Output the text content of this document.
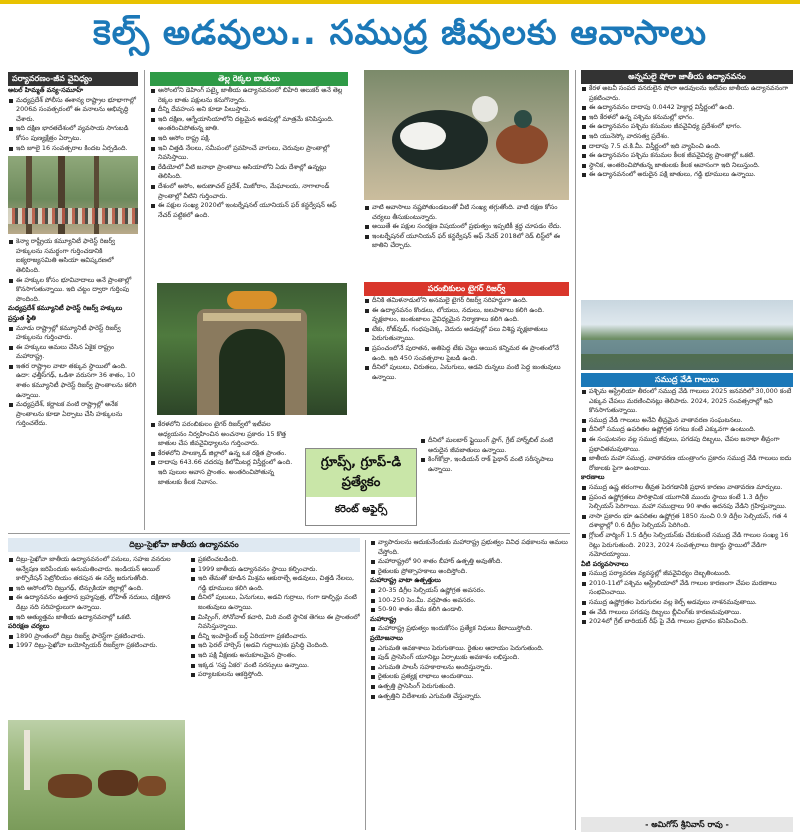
కెల్స్ అడవులు.. సముద్ర జీవులకు ఆవాసాలు
పర్యావరణం-జీవ వైవిధ్యం
అటల్ హిమ్మత్ వన్య-సమూహ్
మధ్యప్రదేశ్ పోలీసు ఈశాన్య రాష్ట్రాల భూభాగాల్లో 2006వ సంవత్సరంలో ఈ వనాలను అభివృద్ధి చేశారు.
ఇది దక్షిణ భారతదేశంలో వ్యవసాయ సాగుబడి కోసం పుణ్యక్షేత్రం ఏర్పాటు.
ఇది జూలై 16 సంవత్సరాల కిందట ఏర్పడింది.
కెన్యా రాష్ట్రీయ కమ్యూనిటీ ఫారెస్ట్ రిజర్వ్ హక్కులను సమర్థంగా గుర్తించడానికి ఐక్యరాజ్యసమితి ఆసియా ఆవిష్కరణలో తెలిపింది.
ఈ హక్కుల కోసం భూవివాదాలు అనే ప్రాంతాల్లో కొనసాగుతున్నాయి. ఇది చట్టం ద్వారా గుర్తింపు పొందింది.
మధ్యప్రదేశ్ కమ్యూనిటీ ఫారెస్ట్ రిజర్వ్ హక్కులు
ప్రస్తుత స్థితి
మూడు రాష్ట్రాల్లో కమ్యూనిటీ ఫారెస్ట్ రిజర్వ్ హక్కులను గుర్తించారు.
ఈ హక్కులు అమలు చేసిన ఏకైక రాష్ట్రం మహారాష్ట్ర.
ఇతర రాష్ట్రాల వాటా తక్కువ స్థాయిలో ఉంది. ఉదా: ఛత్తీస్‌గఢ్, ఒడిశా వరుసగా 36 శాతం, 10 శాతం కమ్యూనిటీ ఫారెస్ట్ రిజర్వ్ ప్రాంతాలను కలిగి ఉన్నాయి.
మధ్యప్రదేశ్, కర్ణాటక వంటి రాష్ట్రాల్లో అనేక ప్రాంతాలను కూడా ఏర్పాటు చేసి హక్కులను గుర్తించలేదు.
తెల్ల రెక్కల బాతులు
అసోంలోని డెహింగ్ పట్కై జాతీయ ఉద్యానవనంలో బిహేరి అలుకర్ అనే తెల్ల రెక్కల బాతు పక్షులను కనుగొన్నారు.
దీన్ని దేవహంస అని కూడా పిలుస్తారు.
ఇది దక్షిణ, ఆగ్నేయాసియాలోని దట్టమైన అడవుల్లో మాత్రమే కనిపిస్తుంది. అంతరించిపోతున్న జాతి.
ఇది అసోం రాష్ట్ర పక్షి.
ఇవి చిత్తడి నేలలు, సమీపంలో ప్రవహించే వాగులు, చెరువుల ప్రాంతాల్లో నివసిస్తాయి.
రేడియోలో వీటి జనాభా ప్రాంతాలు ఆసియాలోని ఏడు దేశాల్లో ఉన్నట్లు తెలిసింది.
దేశంలో అసోం, అరుణాచల్ ప్రదేశ్, మిజోరాం, మేఘాలయ, నాగాలాండ్ ప్రాంతాల్లో వీటిని గుర్తించారు.
ఈ పక్షుల సంఖ్య 2020లో ఇంటర్నేషనల్ యూనియన్ ఫర్ కన్జర్వేషన్ ఆఫ్ నేచర్ పట్టికలో ఉంది.
కేరళలోని పరంబికులం టైగర్ రిజర్వ్‌లో ఇటీవల అధ్యయనం నిర్వహించిన అంచనాల ప్రకారం 15 కొత్త జాతుల చేప జీవవైవిధ్యాలను గుర్తించారు.
కేరళలోని పాలక్కాడ్ జిల్లాలో ఉన్న ఒక రక్షిత ప్రాంతం.
దాదాపు 643.66 చదరపు కిలోమీటర్ల విస్తీర్ణంలో ఉంది. ఇది పులుల ఆవాస ప్రాంతం. అంతరించిపోతున్న జాతులకు కీలక నివాసం.
వాటి ఆవాసాలు నష్టపోతుండటంతో వీటి సంఖ్య తగ్గుతోంది. వాటి రక్షణ కోసం చర్యలు తీసుకుంటున్నారు.
అయితే ఈ పక్షుల సంరక్షణ విషయంలో ప్రభుత్వం ఇప్పటికీ శ్రద్ధ చూపడం లేదు.
ఇంటర్నేషనల్ యూనియన్ ఫర్ కన్జర్వేషన్ ఆఫ్ నేచర్ 2018లో రెడ్ లిస్ట్‌లో ఈ జాతిని చేర్చారు.
పరంబికులం టైగర్ రిజర్వ్
దీనికి తమిళనాడులోని అనమలై టైగర్ రిజర్వ్ సరిహద్దుగా ఉంది.
ఈ ఉద్యానవనం కొండలు, లోయలు, నదులు, జలపాతాలు కలిగి ఉంది. వృక్షజాలం, జంతుజాలం వైవిధ్యమైన నిర్మాణాలు కలిగి ఉంది.
టేకు, రోజ్‌వుడ్, గంధపుచెక్క, వెదురు అడవుల్లో పలు విశిష్ట వృక్షజాతులు పెరుగుతున్నాయి.
ప్రపంచంలోనే పురాతన, అతిపెద్ద టేకు చెట్టు అయిన కన్నిమర ఈ ప్రాంతంలోనే ఉంది. ఇది 450 సంవత్సరాల పైబడి ఉంది.
దీనిలో పులులు, చిరుతలు, ఏనుగులు, అడవి దున్నలు వంటి పెద్ద జంతువులు ఉన్నాయి.
గ్రూప్స్, గ్రూప్-డి ప్రత్యేకం
కరెంట్ అఫైర్స్
దీనిలో మలబార్ ఫ్లైయింగ్ ఫ్రాగ్, గ్రేట్ హార్న్‌బిల్ వంటి అరుదైన జీవజాతులు ఉన్నాయి.
కింగ్‌కోబ్రా, ఇండియన్ రాక్ పైథాన్ వంటి సరీసృపాలు ఉన్నాయి.
అన్నమలై షోలా జాతీయ ఉద్యానవనం
కేరళ అటవీ సంపద వనరులైన షోలా అడవులను ఇటీవల జాతీయ ఉద్యానవనంగా ప్రకటించారు.
ఈ ఉద్యానవనం దాదాపు 0.0442 హెక్టార్ల విస్తీర్ణంలో ఉంది.
ఇది కేరళలో ఉన్న పశ్చిమ కనుమల్లో భాగం.
ఈ ఉద్యానవనం పశ్చిమ కనుమల జీవవైవిధ్య ప్రదేశంలో భాగం.
ఇది యునెస్కో వారసత్వ ప్రదేశం.
దాదాపు 7.5 చ.కి.మీ. విస్తీర్ణంలో ఇది వ్యాపించి ఉంది.
ఈ ఉద్యానవనం పశ్చిమ కనుమల కీలక జీవవైవిధ్య ప్రాంతాల్లో ఒకటి.
స్థానిక, అంతరించిపోతున్న జాతులకు కీలక ఆవాసంగా ఇది నిలుస్తుంది.
ఈ ఉద్యానవనంలో అరుదైన పక్షి జాతులు, గడ్డి భూములు ఉన్నాయి.
సముద్ర వేడి గాలులు
పశ్చిమ ఆస్ట్రేలియా తీరంలో సముద్ర వేడి గాలులు 2025 జనవరిలో 30,000 కంటే ఎక్కువ చేపలు మరణించినట్లు తెలిపారు. 2024, 2025 సంవత్సరాల్లో ఇవి కొనసాగుతున్నాయి.
సముద్ర వేడి గాలులు అనేవి తీవ్రమైన వాతావరణ సంఘటనలు.
దీనిలో సముద్ర ఉపరితల ఉష్ణోగ్రత సగటు కంటే ఎక్కువగా ఉంటుంది.
ఈ సంఘటనల వల్ల సముద్ర జీవులు, పగడపు దిబ్బలు, చేపల జనాభా తీవ్రంగా ప్రభావితమవుతాయి.
జాతీయ మహా సముద్ర, వాతావరణ యంత్రాంగం ప్రకారం సముద్ర వేడి గాలులు ఐదు రోజులకు పైగా ఉంటాయి.
కారణాలు
సముద్ర ఉష్ణ తరంగాల తీవ్రత పెరగడానికి ప్రధాన కారణం వాతావరణ మార్పులు.
ప్రపంచ ఉష్ణోగ్రతలు పారిశ్రామిక యుగానికి ముందు స్థాయి కంటే 1.3 డిగ్రీల సెల్సియస్ పెరిగాయి. మహా సముద్రాలు 90 శాతం అదనపు వేడిని గ్రహిస్తున్నాయి.
నాసా ప్రకారం భూ ఉపరితల ఉష్ణోగ్రత 1850 నుంచి 0.9 డిగ్రీల సెల్సియస్, గత 4 దశాబ్దాల్లో 0.6 డిగ్రీల సెల్సియస్ పెరిగింది.
గ్లోబల్ వార్మింగ్ 1.5 డిగ్రీల సెల్సియస్‌కు చేరుకుంటే సముద్ర వేడి గాలుల సంఖ్య 16 రెట్లు పెరుగుతుంది. 2023, 2024 సంవత్సరాలు రికార్డు స్థాయిలో వేడిగా నమోదయ్యాయి.
వీటి పర్యవసానాలు
సముద్ర పర్యావరణ వ్యవస్థల్లో జీవవైవిధ్యం దెబ్బతింటుంది.
2010-11లో పశ్చిమ ఆస్ట్రేలియాలో వేడి గాలుల కారణంగా చేపల మరణాలు సంభవించాయి.
సముద్ర ఉష్ణోగ్రతల పెరుగుదల వల్ల కెల్ప్ అడవులు నాశనమవుతాయి.
ఈ వేడి గాలులు పగడపు దిబ్బలు బ్లీచింగ్‌కు కారణమవుతాయి.
2024లో గ్రేట్ బారియర్ రీఫ్ పై వేడి గాలుల ప్రభావం కనిపించింది.
- అమిగోస్ శ్రీనివాస్ రావు -
దిబ్రు-సైఖోవా జాతీయ ఉద్యానవనం
దిబ్రు-సైఖోవా జాతీయ ఉద్యానవనంలో పనులు, సహజ వనరుల అన్వేషణ జరిపేందుకు అనుమతించారు. ఇండియన్ ఆయిల్ కార్పొరేషన్ పెట్రోలియం తరపున ఈ సర్వే జరుగుతోంది.
ఇది అసోంలోని దిబ్రుగఢ్, టిన్సుకియా జిల్లాల్లో ఉంది.
ఈ ఉద్యానవనం ఉత్తరాన బ్రహ్మపుత్ర, లోహిత్ నదులు, దక్షిణాన డిబ్రు నది సరిహద్దులుగా ఉన్నాయి.
ఇది అత్యుత్తమ జాతీయ ఉద్యానవనాల్లో ఒకటి.
పరిరక్షణ చర్యలు
1890 ప్రాంతంలో దిబ్రు రిజర్వ్ ఫారెస్ట్‌గా ప్రకటించారు.
1997 దిబ్రు-సైఖోవా బయోస్పియర్ రిజర్వ్‌గా ప్రకటించారు.
ప్రకటించబడింది.
1999 జాతీయ ఉద్యానవనం స్థాయి కల్పించారు.
ఇది తేమతో కూడిన మిశ్రమ ఆకురాల్చే అడవులు, చిత్తడి నేలలు, గడ్డి భూములు కలిగి ఉంది.
దీనిలో పులులు, ఏనుగులు, అడవి గుర్రాలు, గంగా డాల్ఫిన్లు వంటి జంతువులు ఉన్నాయి.
మిస్సింగ్, సోనోవాల్ కచారి, మిరి వంటి స్థానిక తెగలు ఈ ప్రాంతంలో నివసిస్తున్నాయి.
దీన్ని ఇంపార్టెంట్ బర్డ్ ఏరియాగా ప్రకటించారు.
ఇది ఫెరల్ హార్సెస్ (అడవి గుర్రాలు)కు ప్రసిద్ధి చెందింది.
ఇది పక్షి వీక్షణకు అనుకూలమైన ప్రాంతం.
ఇక్కడ 'సప్త ఏకర' వంటి సరస్సులు ఉన్నాయి.
పర్యాటకులను ఆకర్షిస్తోంది.
వ్యాపారులను ఆదుకునేందుకు మహారాష్ట్ర ప్రభుత్వం వివిధ పథకాలను అమలు చేస్తోంది.
మహారాష్ట్రలో 90 శాతం బీహార్ ఉత్పత్తి అవుతోంది.
రైతులకు ప్రోత్సాహకాలు అందిస్తోంది.
మహారాష్ట్ర వాటా ఉత్పత్తులు
20-35 డిగ్రీల సెల్సియస్ ఉష్ణోగ్రత అవసరం.
100-250 సెం.మీ. వర్షపాతం అవసరం.
50-90 శాతం తేమ కలిగి ఉండాలి.
మహారాష్ట్ర
మహారాష్ట్ర ప్రభుత్వం ఇందుకోసం ప్రత్యేక నిధులు కేటాయిస్తోంది.
ప్రయోజనాలు
ఎగుమతి అవకాశాలు పెరుగుతాయి. రైతుల ఆదాయం పెరుగుతుంది.
పుడ్ ప్రాసెసింగ్ యూనిట్లు ఏర్పాటుకు అవకాశం లభిస్తుంది.
ఎగుమతి పాలసీ సహకారాలను అందిస్తున్నారు.
రైతులకు ప్రత్యక్ష లాభాలు అందుతాయి.
ఉత్పత్తి ప్రాసెసింగ్ పెరుగుతుంది.
ఉత్పత్తిని విదేశాలకు ఎగుమతి చేస్తున్నారు.
